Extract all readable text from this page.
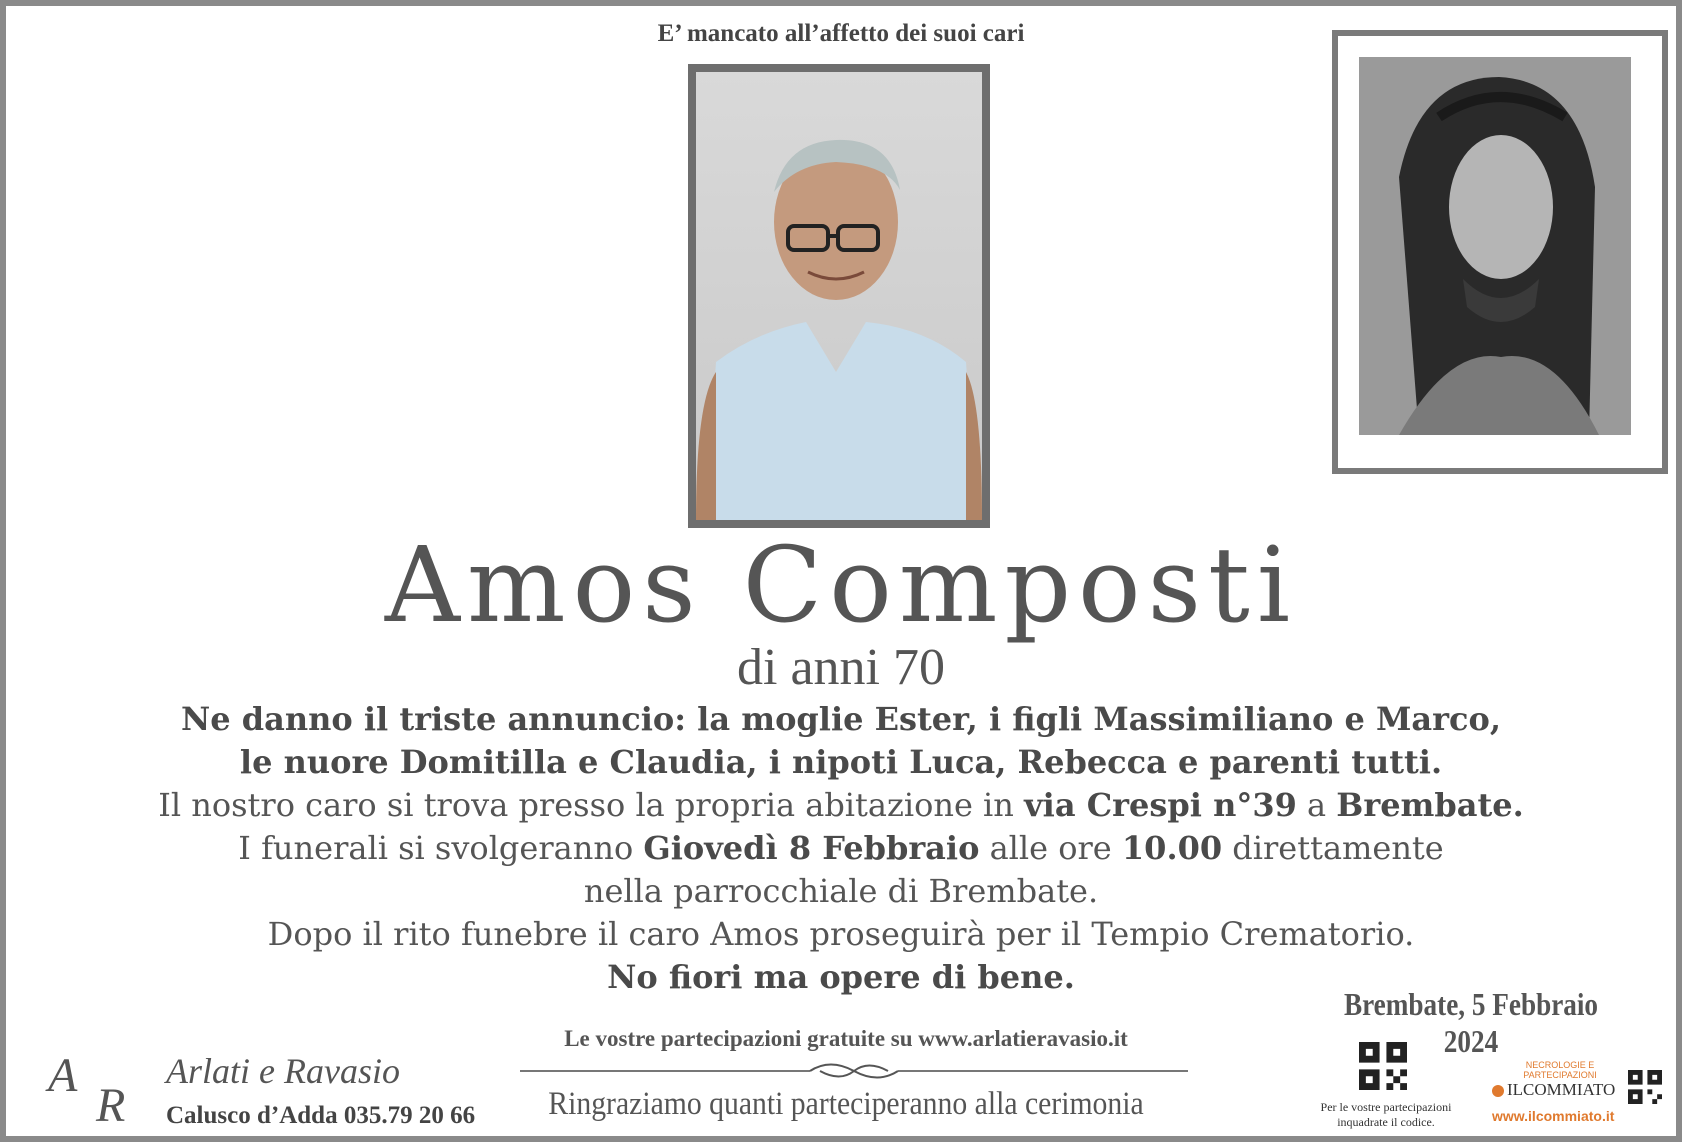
E’ mancato all’affetto dei suoi cari
Amos Composti
di anni 70
Ne danno il triste annuncio: la moglie Ester, i figli Massimiliano e Marco,
le nuore Domitilla e Claudia, i nipoti Luca, Rebecca e parenti tutti.
Il nostro caro si trova presso la propria abitazione in via Crespi n°39 a Brembate.
I funerali si svolgeranno Giovedì 8 Febbraio alle ore 10.00 direttamente
nella parrocchiale di Brembate.
Dopo il rito funebre il caro Amos proseguirà per il Tempio Crematorio.
No fiori ma opere di bene.
Brembate, 5 Febbraio 2024
Le vostre partecipazioni gratuite su www.arlatieravasio.it
Ringraziamo quanti parteciperanno alla cerimonia
A
R
Arlati e Ravasio
Calusco d’Adda 035.79 20 66	Per le vostre partecipazioni
inquadrate il codice.
NECROLOGIE E PARTECIPAZIONI
ILCOMMIATO
www.ilcommiato.it
